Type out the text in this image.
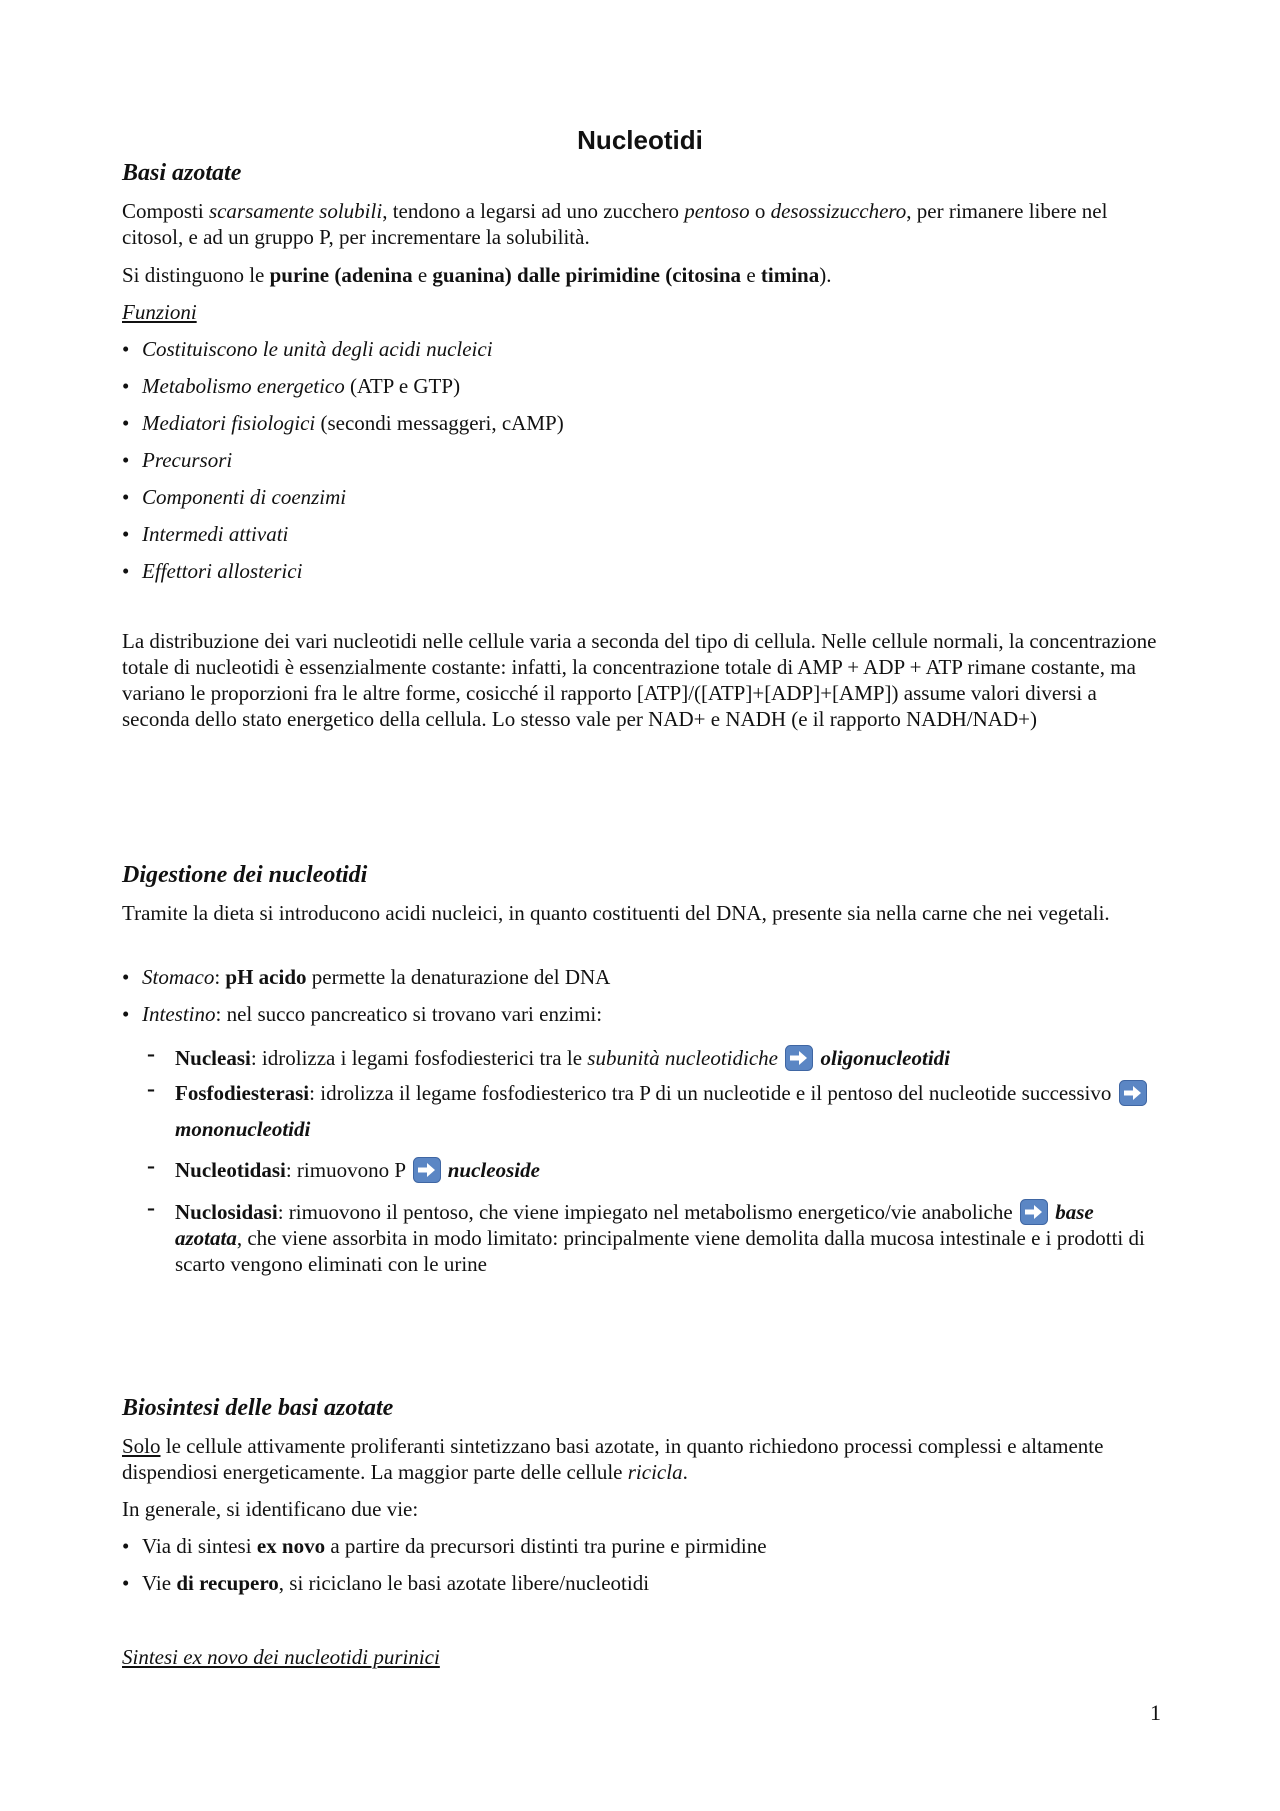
Nucleotidi
Basi azotate

Composti scarsamente solubili, tendono a legarsi ad uno zucchero pentoso o desossizucchero, per rimanere libere nel citosol, e ad un gruppo P, per incrementare la solubilità.

Si distinguono le purine (adenina e guanina) dalle pirimidine (citosina e timina).

Funzioni
• Costituiscono le unità degli acidi nucleici
• Metabolismo energetico (ATP e GTP)
• Mediatori fisiologici (secondi messaggeri, cAMP)
• Precursori
• Componenti di coenzimi
• Intermedi attivati
• Effettori allosterici

La distribuzione dei vari nucleotidi nelle cellule varia a seconda del tipo di cellula. Nelle cellule normali, la concentrazione totale di nucleotidi è essenzialmente costante: infatti, la concentrazione totale di AMP + ADP + ATP rimane costante, ma variano le proporzioni fra le altre forme, cosicché il rapporto [ATP]/([ATP]+[ADP]+[AMP]) assume valori diversi a seconda dello stato energetico della cellula. Lo stesso vale per NAD+ e NADH (e il rapporto NADH/NAD+)

Digestione dei nucleotidi

Tramite la dieta si introducono acidi nucleici, in quanto costituenti del DNA, presente sia nella carne che nei vegetali.

• Stomaco: pH acido permette la denaturazione del DNA
• Intestino: nel succo pancreatico si trovano vari enzimi:
- Nucleasi: idrolizza i legami fosfodiesterici tra le subunità nucleotidiche oligonucleotidi
- Fosfodiesterasi: idrolizza il legame fosfodiesterico tra P di un nucleotide e il pentoso del nucleotide successivo  mononucleotidi
- Nucleotidasi: rimuovono P nucleoside
- Nuclosidasi: rimuovono il pentoso, che viene impiegato nel metabolismo energetico/vie anaboliche base azotata, che viene assorbita in modo limitato: principalmente viene demolita dalla mucosa intestinale e i prodotti di scarto vengono eliminati con le urine
Biosintesi delle basi azotate

Solo le cellule attivamente proliferanti sintetizzano basi azotate, in quanto richiedono processi complessi e altamente dispendiosi energeticamente. La maggior parte delle cellule ricicla.

In generale, si identificano due vie:

• Via di sintesi ex novo a partire da precursori distinti tra purine e pirmidine
• Vie di recupero, si riciclano le basi azotate libere/nucleotidi
Sintesi ex novo dei nucleotidi purinici
1
